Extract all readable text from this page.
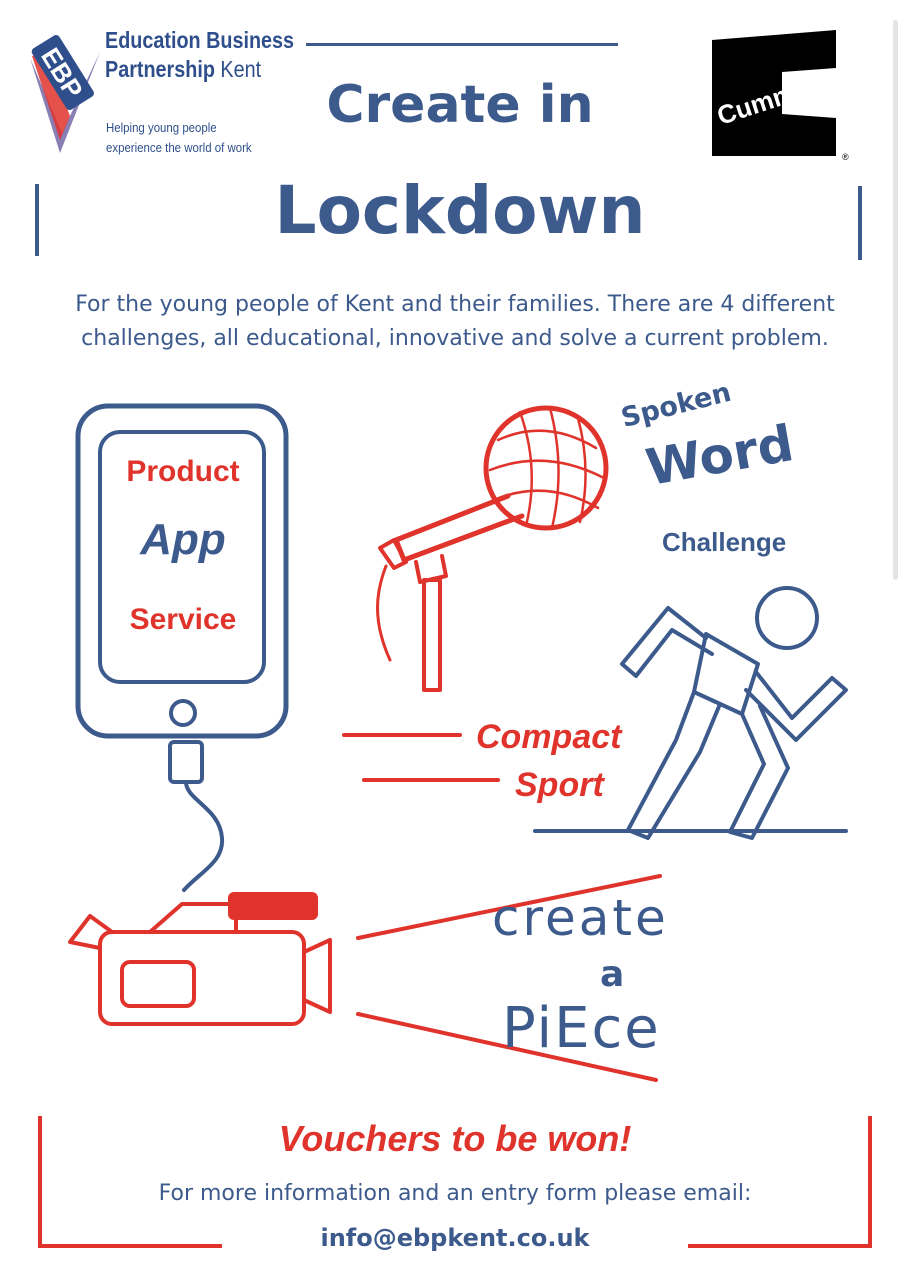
EBP
Education Business
Partnership Kent
Helping young people
experience the world of work
Cummins
®
Create in
Lockdown
For the young people of Kent and their families. There are 4 different challenges, all educational, innovative and solve a current problem.
Product
App
Service
Spoken
Word
Challenge
Compact
Sport
create
a
PiEce
Vouchers to be won!
For more information and an entry form please email:
info@ebpkent.co.uk
